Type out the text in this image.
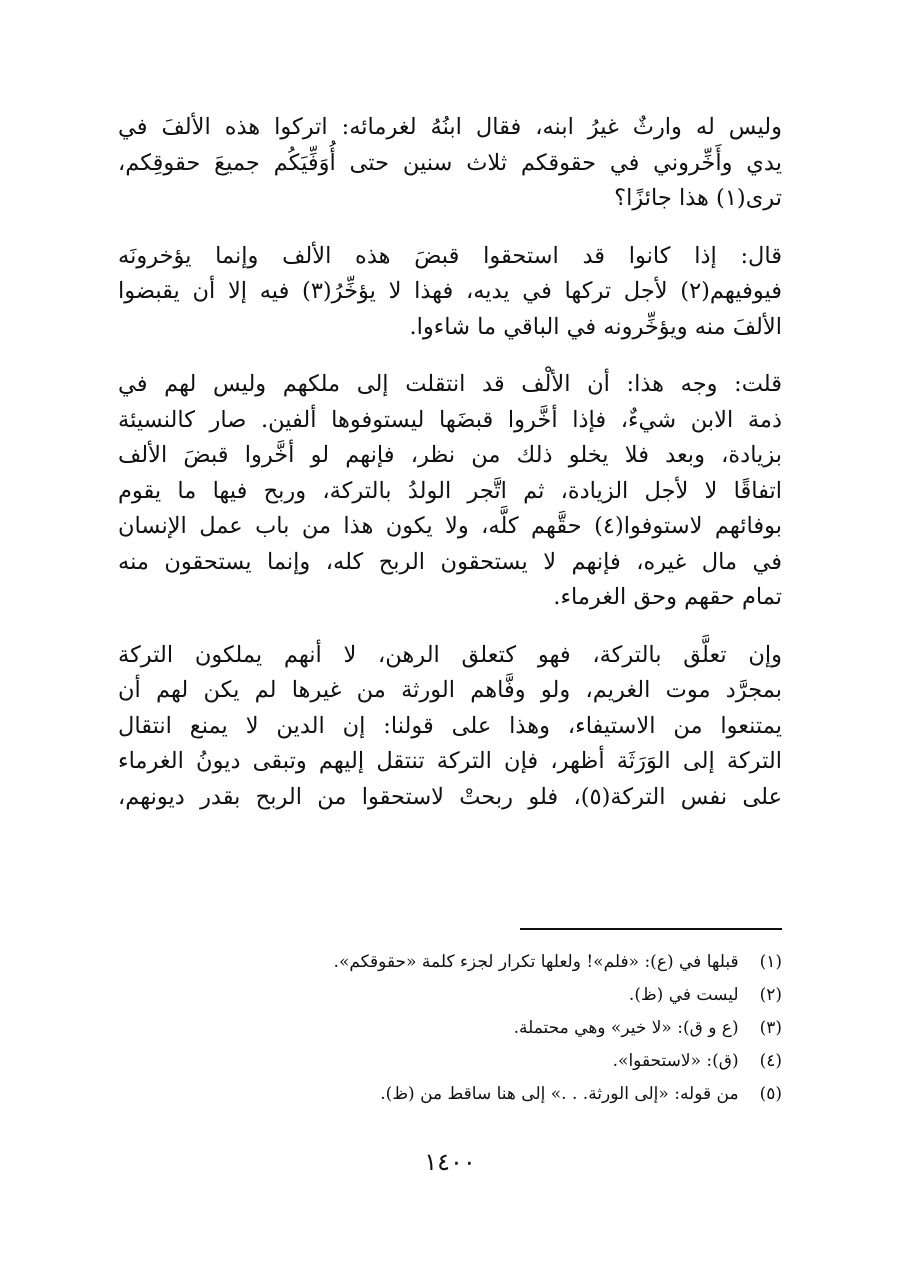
وليس له وارثٌ غيرُ ابنه، فقال ابنُهُ لغرمائه: اتركوا هذه الألفَ في
يدي وأَخِّروني في حقوقكم ثلاث سنين حتى أُوَفِّيَكُم جميعَ حقوقِكم،
ترى(١) هذا جائزًا؟

قال: إذا كانوا قد استحقوا قبضَ هذه الألف وإنما يؤخرونَه
فيوفيهم(٢) لأجل تركها في يديه، فهذا لا يؤخِّرُ(٣) فيه إلا أن يقبضوا
الألفَ منه ويؤخِّرونه في الباقي ما شاءوا.

قلت: وجه هذا: أن الألْف قد انتقلت إلى ملكهم وليس لهم في
ذمة الابن شيءٌ، فإذا أخَّروا قبضَها ليستوفوها ألفين. صار كالنسيئة
بزيادة، وبعد فلا يخلو ذلك من نظر، فإنهم لو أخَّروا قبضَ الألف
اتفاقًا لا لأجل الزيادة، ثم اتَّجر الولدُ بالتركة، وربح فيها ما يقوم
بوفائهم لاستوفوا(٤) حقَّهم كلَّه، ولا يكون هذا من باب عمل الإنسان
في مال غيره، فإنهم لا يستحقون الربح كله، وإنما يستحقون منه
تمام حقهم وحق الغرماء.

وإن تعلَّق بالتركة، فهو كتعلق الرهن، لا أنهم يملكون التركة
بمجرَّد موت الغريم، ولو وفَّاهم الورثة من غيرها لم يكن لهم أن
يمتنعوا من الاستيفاء، وهذا على قولنا: إن الدين لا يمنع انتقال
التركة إلى الوَرَثَة أظهر، فإن التركة تنتقل إليهم وتبقى ديونُ الغرماء
على نفس التركة(٥)، فلو ربحتْ لاستحقوا من الربح بقدر ديونهم،

(١) قبلها في (ع): «فلم»! ولعلها تكرار لجزء كلمة «حقوقكم».
(٢) ليست في (ظ).
(٣) (ع و ق): «لا خير» وهي محتملة.
(٤) (ق): «لاستحقوا».
(٥) من قوله: «إلى الورثة. . .» إلى هنا ساقط من (ظ).
١٤٠٠
